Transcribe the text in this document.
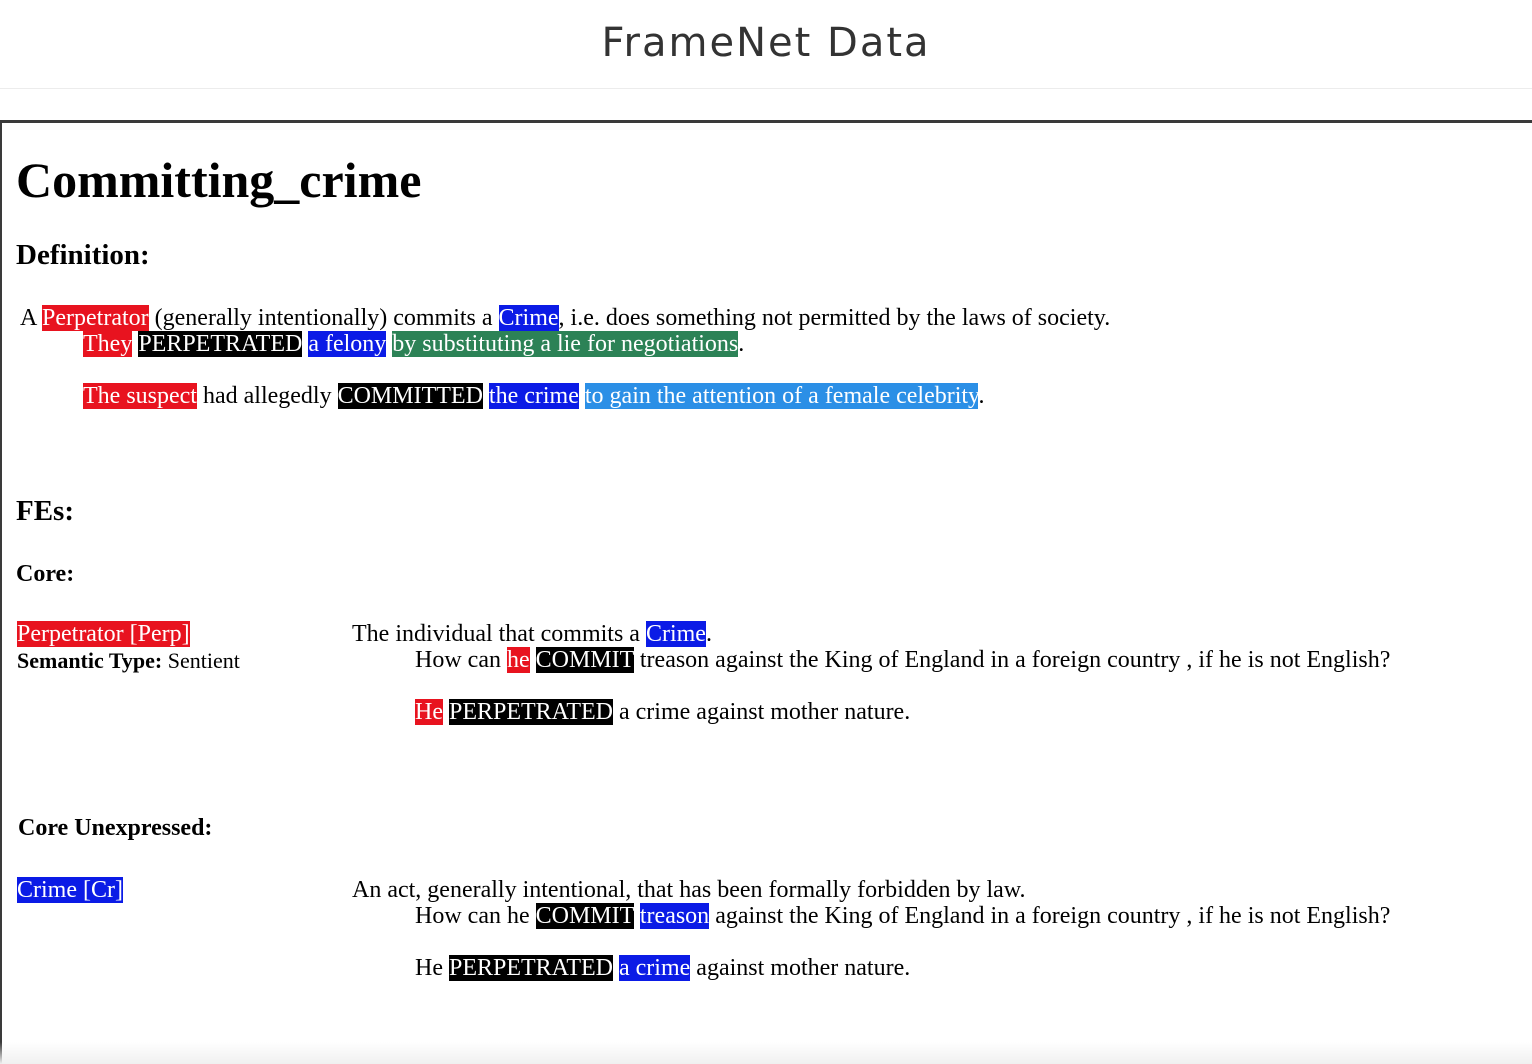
FrameNet Data
Committing_crime
Definition:
A Perpetrator (generally intentionally) commits a Crime, i.e. does something not permitted by the laws of society.
They PERPETRATED a felony by substituting a lie for negotiations.
The suspect had allegedly COMMITTED the crime to gain the attention of a female celebrity.
FEs:
Core:
Perpetrator [Perp]
Semantic Type: Sentient
The individual that commits a Crime.
How can he COMMIT treason against the King of England in a foreign country , if he is not English?
He PERPETRATED a crime against mother nature.
Core Unexpressed:
Crime [Cr]	An act, generally intentional, that has been formally forbidden by law.
How can he COMMIT treason against the King of England in a foreign country , if he is not English?
He PERPETRATED a crime against mother nature.
